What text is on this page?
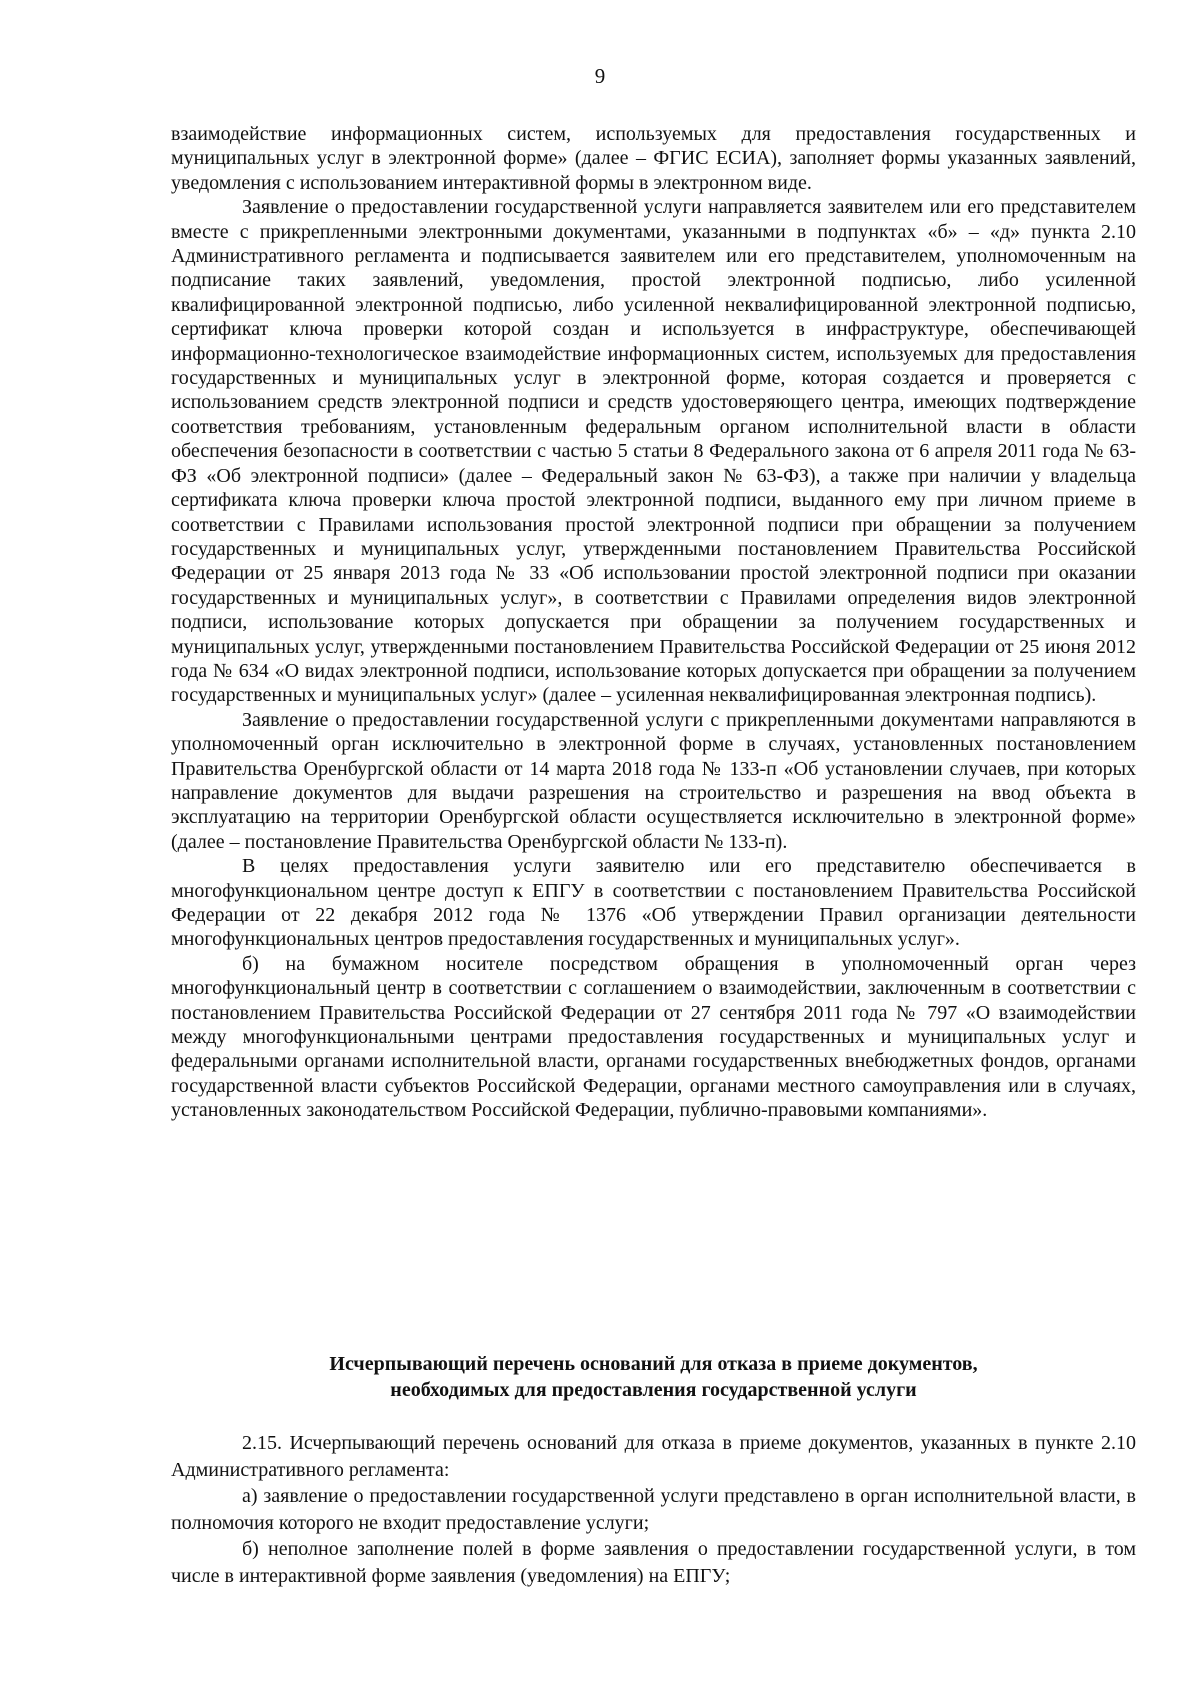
9

взаимодействие информационных систем, используемых для предоставления государственных и муниципальных услуг в электронной форме» (далее – ФГИС ЕСИА), заполняет формы указанных заявлений, уведомления с использованием интерактивной формы в электронном виде.

Заявление о предоставлении государственной услуги направляется заявителем или его представителем вместе с прикрепленными электронными документами, указанными в подпунктах «б» – «д» пункта 2.10 Административного регламента и подписывается заявителем или его представителем, уполномоченным на подписание таких заявлений, уведомления, простой электронной подписью, либо усиленной квалифицированной электронной подписью, либо усиленной неквалифицированной электронной подписью, сертификат ключа проверки которой создан и используется в инфраструктуре, обеспечивающей информационно-технологическое взаимодействие информационных систем, используемых для предоставления государственных и муниципальных услуг в электронной форме, которая создается и проверяется с использованием средств электронной подписи и средств удостоверяющего центра, имеющих подтверждение соответствия требованиям, установленным федеральным органом исполнительной власти в области обеспечения безопасности в соответствии с частью 5 статьи 8 Федерального закона от 6 апреля 2011 года № 63-ФЗ «Об электронной подписи» (далее – Федеральный закон № 63-ФЗ), а также при наличии у владельца сертификата ключа проверки ключа простой электронной подписи, выданного ему при личном приеме в соответствии с Правилами использования простой электронной подписи при обращении за получением государственных и муниципальных услуг, утвержденными постановлением Правительства Российской Федерации от 25 января 2013 года № 33 «Об использовании простой электронной подписи при оказании государственных и муниципальных услуг», в соответствии с Правилами определения видов электронной подписи, использование которых допускается при обращении за получением государственных и муниципальных услуг, утвержденными постановлением Правительства Российской Федерации от 25 июня 2012 года № 634 «О видах электронной подписи, использование которых допускается при обращении за получением государственных и муниципальных услуг» (далее – усиленная неквалифицированная электронная подпись).

Заявление о предоставлении государственной услуги с прикрепленными документами направляются в уполномоченный орган исключительно в электронной форме в случаях, установленных постановлением Правительства Оренбургской области от 14 марта 2018 года № 133-п «Об установлении случаев, при которых направление документов для выдачи разрешения на строительство и разрешения на ввод объекта в эксплуатацию на территории Оренбургской области осуществляется исключительно в электронной форме» (далее – постановление Правительства Оренбургской области № 133-п).

В целях предоставления услуги заявителю или его представителю обеспечивается в многофункциональном центре доступ к ЕПГУ в соответствии с постановлением Правительства Российской Федерации от 22 декабря 2012 года № 1376 «Об утверждении Правил организации деятельности многофункциональных центров предоставления государственных и муниципальных услуг».

б) на бумажном носителе посредством обращения в уполномоченный орган через многофункциональный центр в соответствии с соглашением о взаимодействии, заключенным в соответствии с постановлением Правительства Российской Федерации от 27 сентября 2011 года № 797 «О взаимодействии между многофункциональными центрами предоставления государственных и муниципальных услуг и федеральными органами исполнительной власти, органами государственных внебюджетных фондов, органами государственной власти субъектов Российской Федерации, органами местного самоуправления или в случаях, установленных законодательством Российской Федерации, публично-правовыми компаниями».

Исчерпывающий перечень оснований для отказа в приеме документов,
необходимых для предоставления государственной услуги

2.15. Исчерпывающий перечень оснований для отказа в приеме документов, указанных в пункте 2.10 Административного регламента:

а) заявление о предоставлении государственной услуги представлено в орган исполнительной власти, в полномочия которого не входит предоставление услуги;

б) неполное заполнение полей в форме заявления о предоставлении государственной услуги, в том числе в интерактивной форме заявления (уведомления) на ЕПГУ;
